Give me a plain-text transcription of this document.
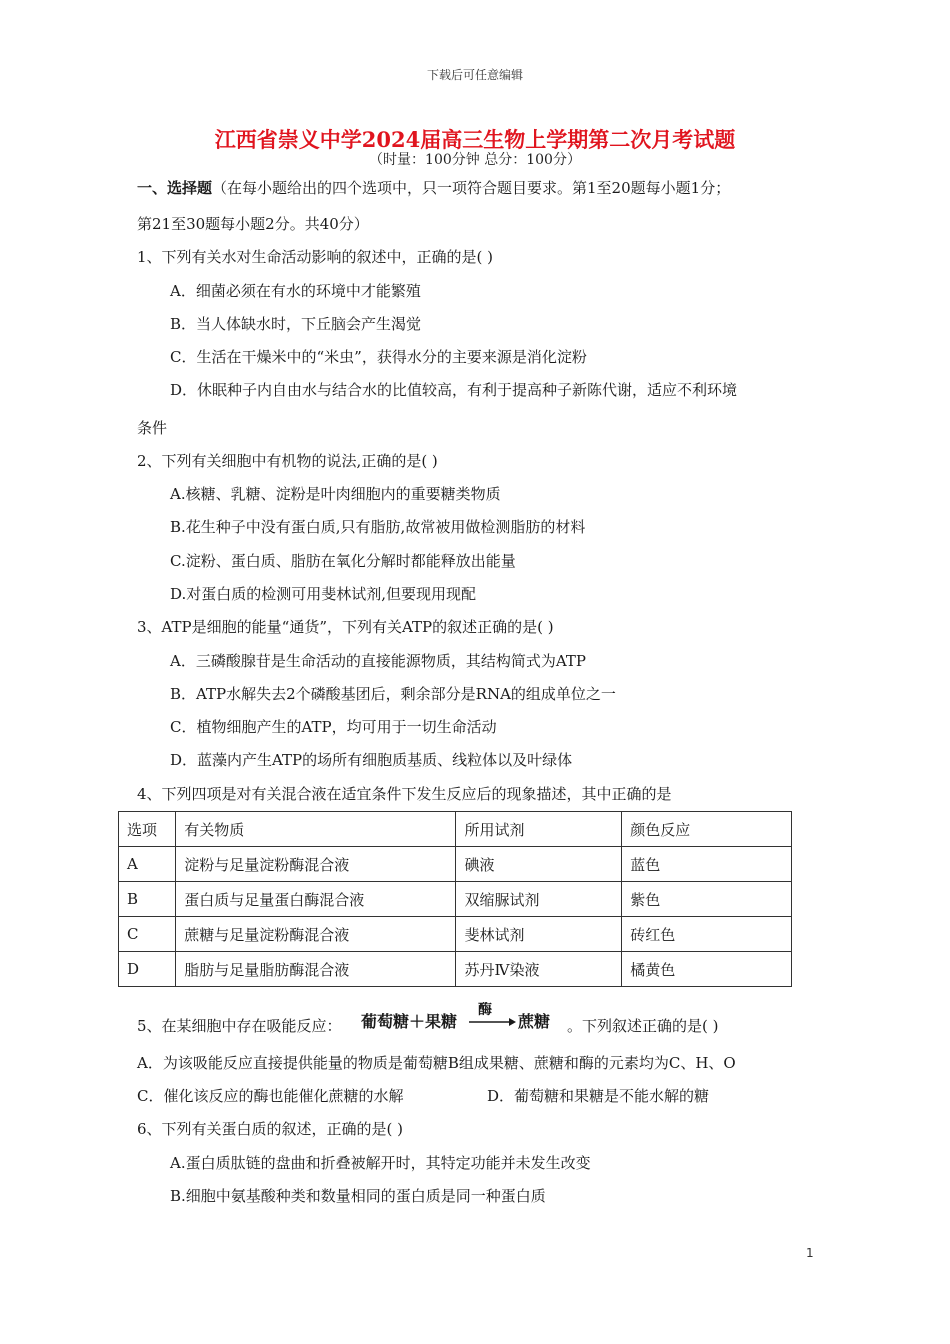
下载后可任意编辑
江西省崇义中学2024届高三生物上学期第二次月考试题
（时量：100分钟 总分：100分）
一、选择题（在每小题给出的四个选项中，只一项符合题目要求。第1至20题每小题1分；
第21至30题每小题2分。共40分）
1、下列有关水对生命活动影响的叙述中，正确的是( )
A．细菌必须在有水的环境中才能繁殖
B．当人体缺水时，下丘脑会产生渴觉
C．生活在干燥米中的“米虫”，获得水分的主要来源是消化淀粉
D．休眠种子内自由水与结合水的比值较高，有利于提高种子新陈代谢，适应不利环境
条件
2、下列有关细胞中有机物的说法,正确的是( )
A.核糖、乳糖、淀粉是叶肉细胞内的重要糖类物质
B.花生种子中没有蛋白质,只有脂肪,故常被用做检测脂肪的材料
C.淀粉、蛋白质、脂肪在氧化分解时都能释放出能量
D.对蛋白质的检测可用斐林试剂,但要现用现配
3、ATP是细胞的能量“通货”，下列有关ATP的叙述正确的是( )
A．三磷酸腺苷是生命活动的直接能源物质，其结构简式为ATP
B．ATP水解失去2个磷酸基团后，剩余部分是RNA的组成单位之一
C．植物细胞产生的ATP，均可用于一切生命活动
D．蓝藻内产生ATP的场所有细胞质基质、线粒体以及叶绿体
4、下列四项是对有关混合液在适宜条件下发生反应后的现象描述，其中正确的是
选项	有关物质	所用试剂	颜色反应
A	淀粉与足量淀粉酶混合液	碘液	蓝色
B	蛋白质与足量蛋白酶混合液	双缩脲试剂	紫色
C	蔗糖与足量淀粉酶混合液	斐林试剂	砖红色
D	脂肪与足量脂肪酶混合液	苏丹Ⅳ染液	橘黄色
5、在某细胞中存在吸能反应： 葡萄糖＋果糖
酶
蔗糖 。下列叙述正确的是( )
A．为该吸能反应直接提供能量的物质是葡萄糖B组成果糖、蔗糖和酶的元素均为C、H、O
C．催化该反应的酶也能催化蔗糖的水解	D．葡萄糖和果糖是不能水解的糖
6、下列有关蛋白质的叙述，正确的是( )
A.蛋白质肽链的盘曲和折叠被解开时，其特定功能并未发生改变
B.细胞中氨基酸种类和数量相同的蛋白质是同一种蛋白质
1
